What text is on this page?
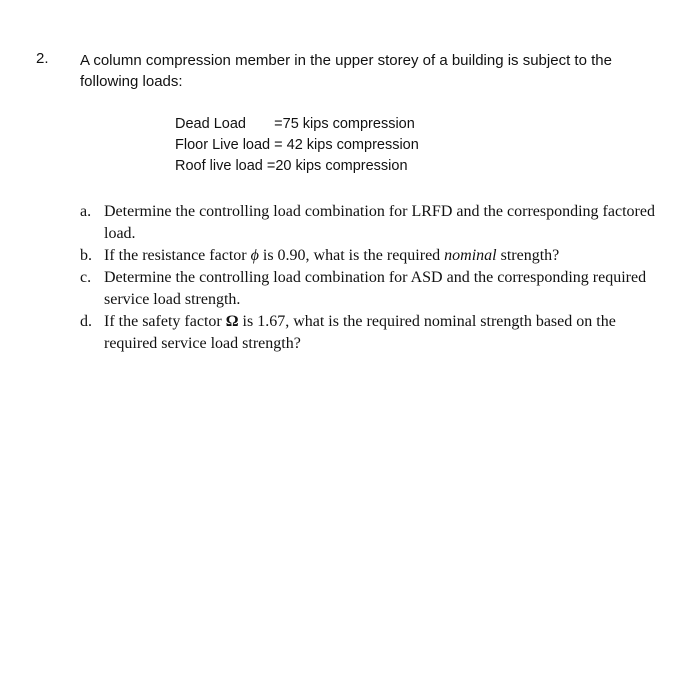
2. A column compression member in the upper storey of a building is subject to the following loads:
Dead Load =75 kips compression
Floor Live load = 42 kips compression
Roof live load =20 kips compression
a. Determine the controlling load combination for LRFD and the corresponding factored load.
b. If the resistance factor ϕ is 0.90, what is the required nominal strength?
c. Determine the controlling load combination for ASD and the corresponding required service load strength.
d. If the safety factor Ω is 1.67, what is the required nominal strength based on the required service load strength?
